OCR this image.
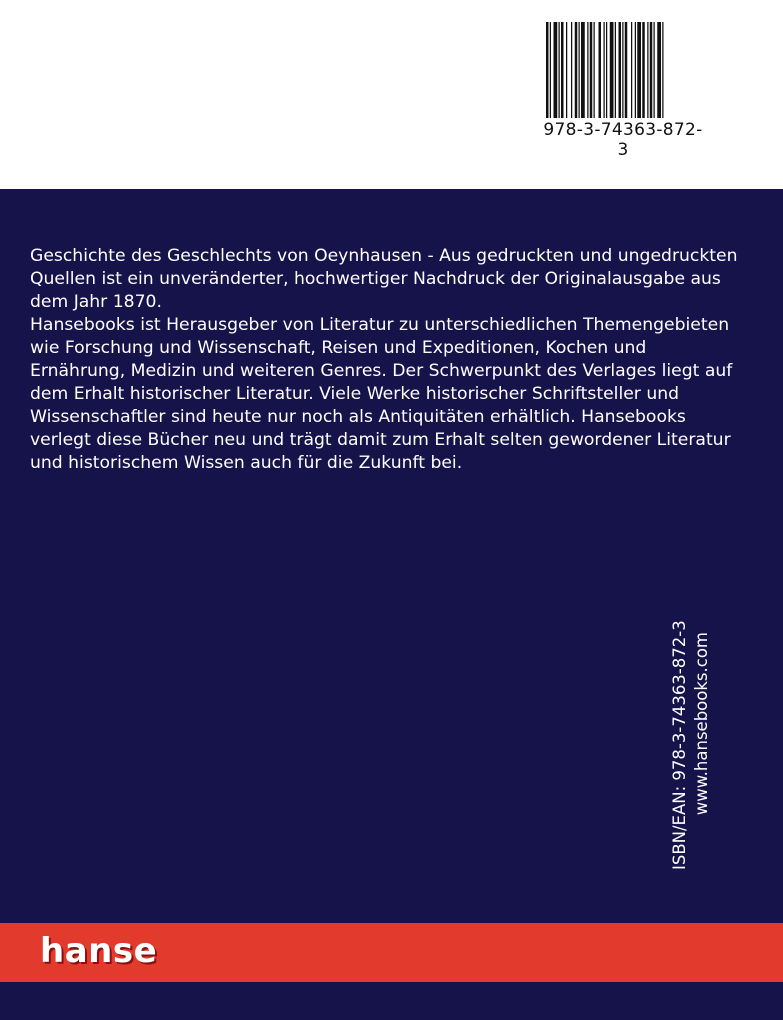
978-3-74363-872-3

Geschichte des Geschlechts von Oeynhausen - Aus gedruckten und ungedruckten Quellen ist ein unveränderter, hochwertiger Nachdruck der Originalausgabe aus dem Jahr 1870.

Hansebooks ist Herausgeber von Literatur zu unterschiedlichen Themengebieten wie Forschung und Wissenschaft, Reisen und Expeditionen, Kochen und Ernährung, Medizin und weiteren Genres. Der Schwerpunkt des Verlages liegt auf dem Erhalt historischer Literatur. Viele Werke historischer Schriftsteller und Wissenschaftler sind heute nur noch als Antiquitäten erhältlich. Hansebooks verlegt diese Bücher neu und trägt damit zum Erhalt selten gewordener Literatur und historischem Wissen auch für die Zukunft bei.

ISBN/EAN: 978-3-74363-872-3 www.hansebooks.com
hanse
